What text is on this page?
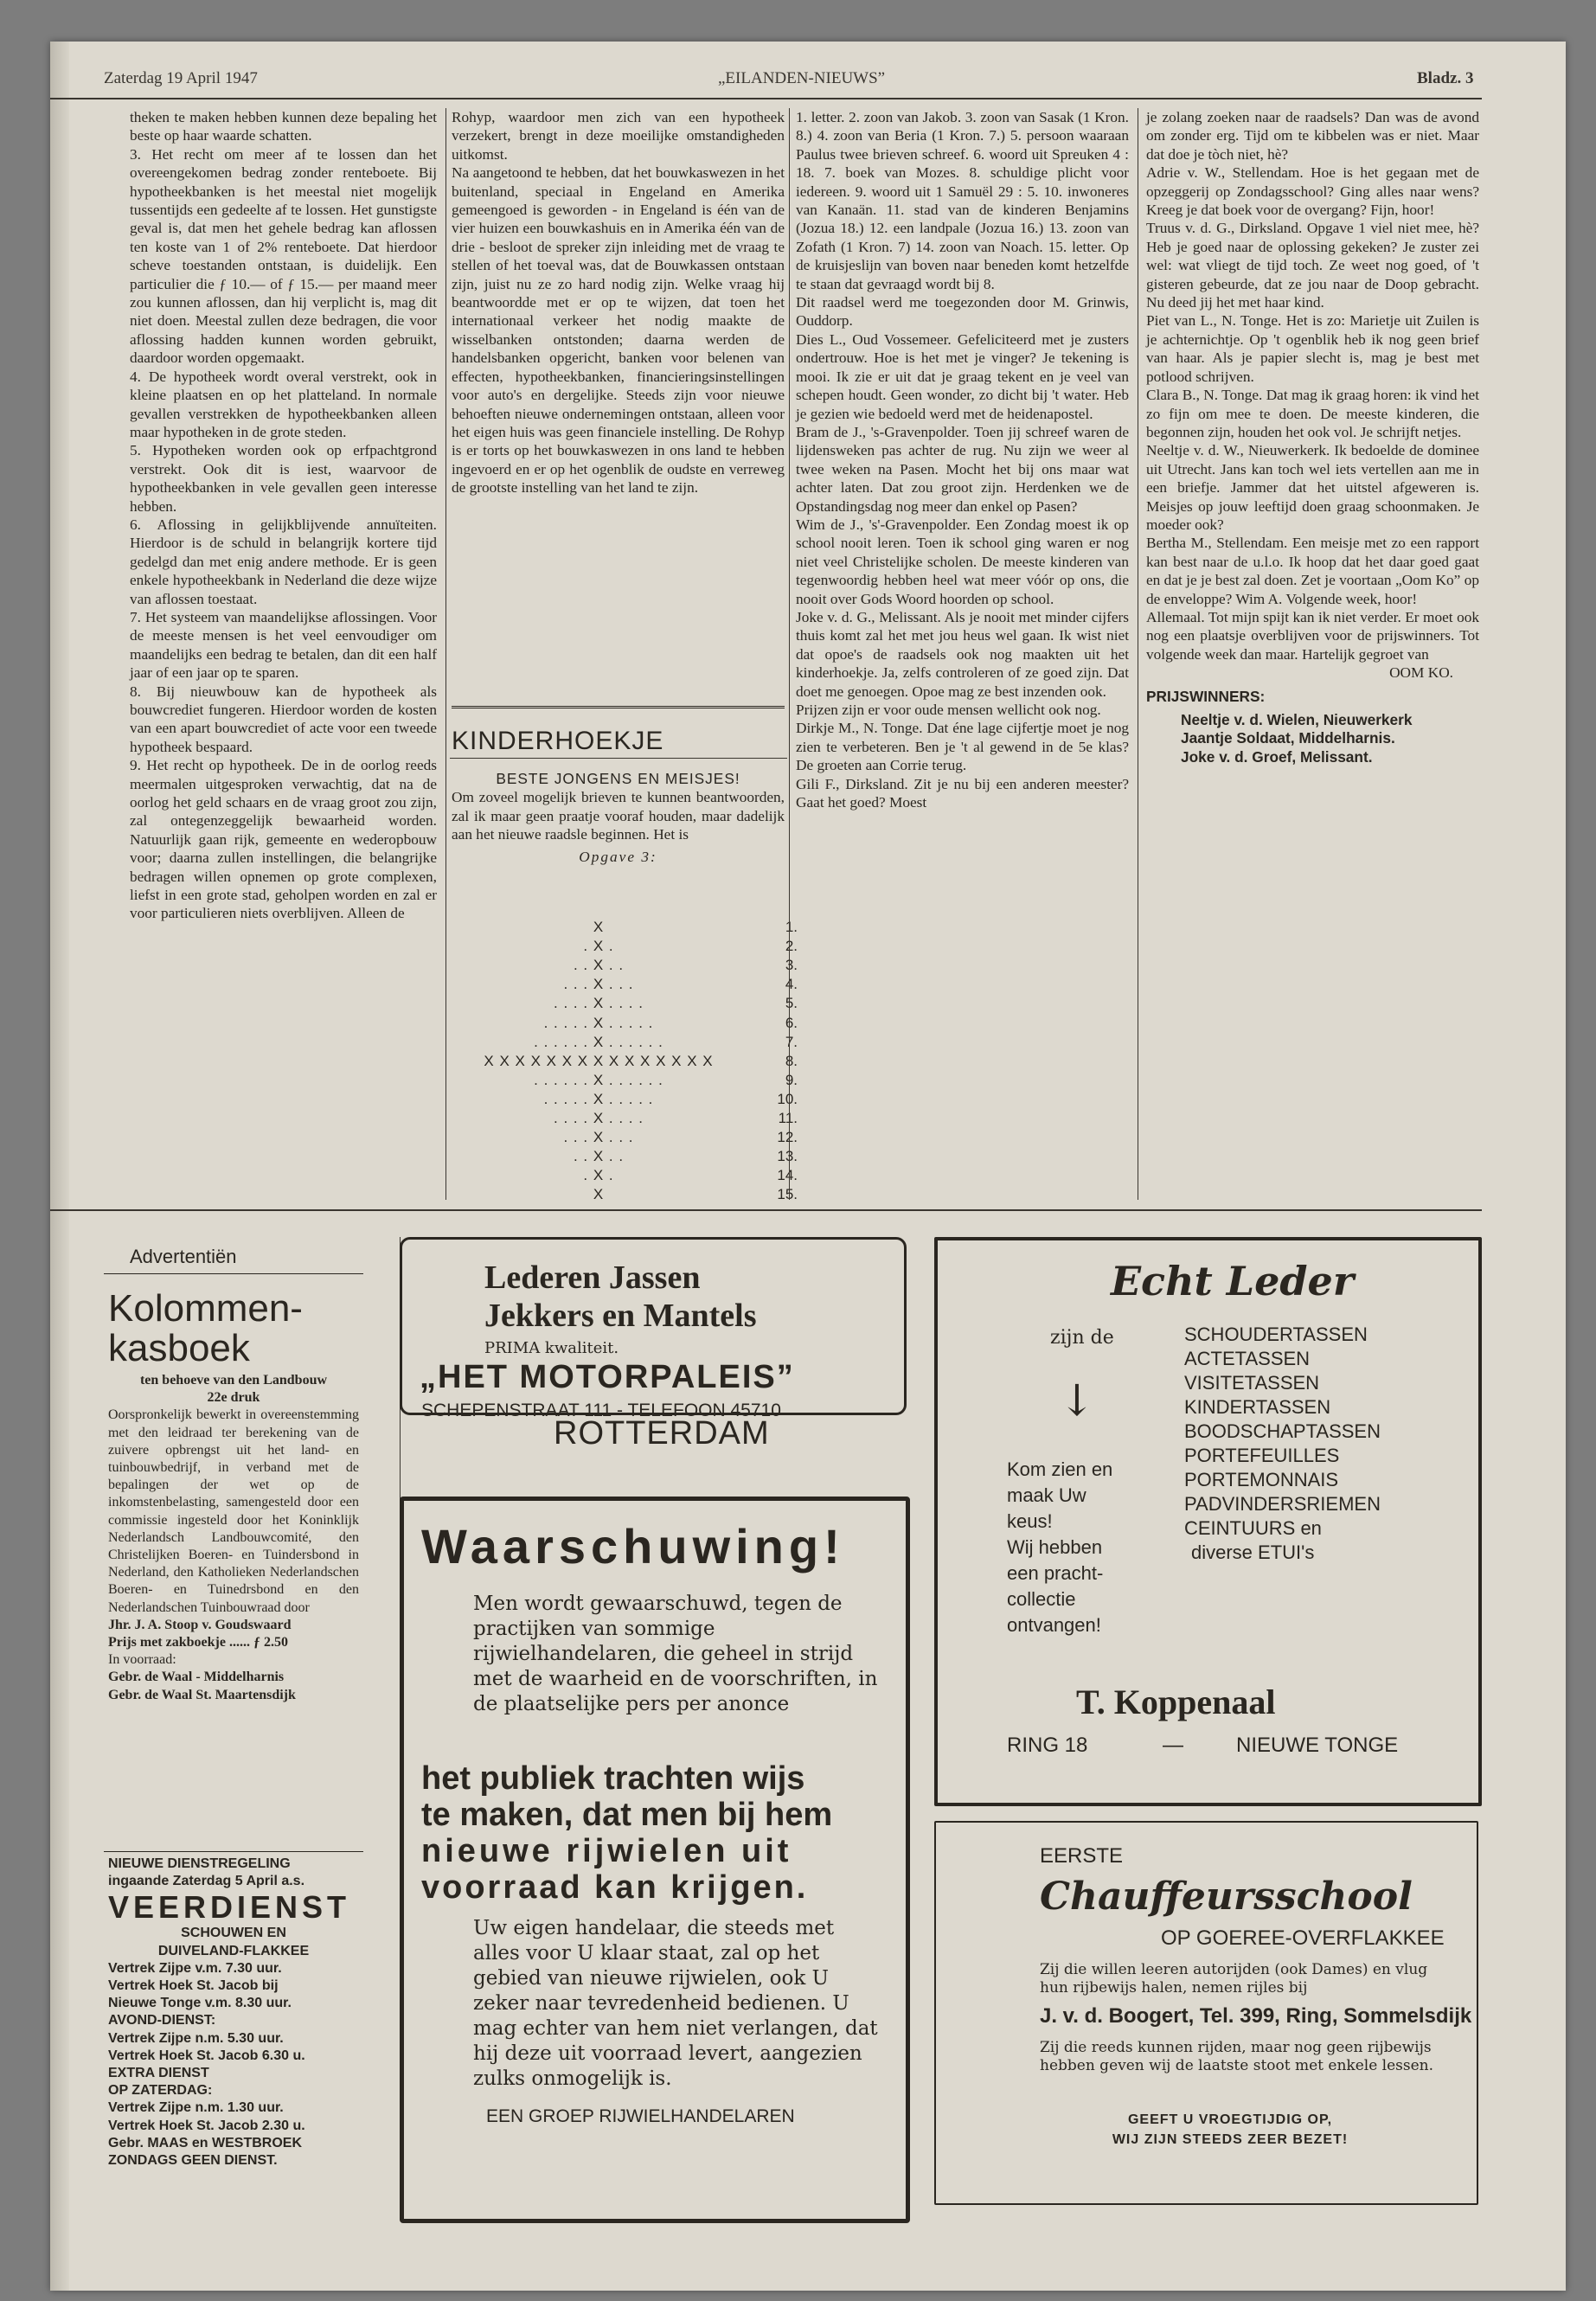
Zaterdag 19 April 1947	„EILANDEN-NIEUWS”	Bladz. 3

theken te maken hebben kunnen deze bepaling het beste op haar waarde schatten.

3. Het recht om meer af te lossen dan het overeengekomen bedrag zonder renteboete. Bij hypotheekbanken is het meestal niet mogelijk tussentijds een gedeelte af te lossen. Het gunstigste geval is, dat men het gehele bedrag kan aflossen ten koste van 1 of 2% renteboete. Dat hierdoor scheve toestanden ontstaan, is duidelijk. Een particulier die ƒ 10.— of ƒ 15.— per maand meer zou kunnen aflossen, dan hij verplicht is, mag dit niet doen. Meestal zullen deze bedragen, die voor aflossing hadden kunnen worden gebruikt, daardoor worden opgemaakt.

4. De hypotheek wordt overal verstrekt, ook in kleine plaatsen en op het platteland. In normale gevallen verstrekken de hypotheekbanken alleen maar hypotheken in de grote steden.

5. Hypotheken worden ook op erfpachtgrond verstrekt. Ook dit is iest, waarvoor de hypotheekbanken in vele gevallen geen interesse hebben.

6. Aflossing in gelijkblijvende annuïteiten. Hierdoor is de schuld in belangrijk kortere tijd gedelgd dan met enig andere methode. Er is geen enkele hypotheekbank in Nederland die deze wijze van aflossen toestaat.

7. Het systeem van maandelijkse aflossingen. Voor de meeste mensen is het veel eenvoudiger om maandelijks een bedrag te betalen, dan dit een half jaar of een jaar op te sparen.

8. Bij nieuwbouw kan de hypotheek als bouwcrediet fungeren. Hierdoor worden de kosten van een apart bouwcrediet of acte voor een tweede hypotheek bespaard.

9. Het recht op hypotheek. De in de oorlog reeds meermalen uitgesproken verwachtig, dat na de oorlog het geld schaars en de vraag groot zou zijn, zal ontegenzeggelijk bewaarheid worden. Natuurlijk gaan rijk, gemeente en wederopbouw voor; daarna zullen instellingen, die belangrijke bedragen willen opnemen op grote complexen, liefst in een grote stad, geholpen worden en zal er voor particulieren niets overblijven. Alleen de

Rohyp, waardoor men zich van een hypotheek verzekert, brengt in deze moeilijke omstandigheden uitkomst.

Na aangetoond te hebben, dat het bouwkaswezen in het buitenland, speciaal in Engeland en Amerika gemeengoed is geworden - in Engeland is één van de vier huizen een bouwkashuis en in Amerika één van de drie - besloot de spreker zijn inleiding met de vraag te stellen of het toeval was, dat de Bouwkassen ontstaan zijn, juist nu ze zo hard nodig zijn. Welke vraag hij beantwoordde met er op te wijzen, dat toen het internationaal verkeer het nodig maakte de wisselbanken ontstonden; daarna werden de handelsbanken opgericht, banken voor belenen van effecten, hypotheekbanken, financieringsinstellingen voor auto's en dergelijke. Steeds zijn voor nieuwe behoeften nieuwe ondernemingen ontstaan, alleen voor het eigen huis was geen financiele instelling. De Rohyp is er torts op het bouwkaswezen in ons land te hebben ingevoerd en er op het ogenblik de oudste en verreweg de grootste instelling van het land te zijn.

KINDERHOEKJE

BESTE JONGENS EN MEISJES!

Om zoveel mogelijk brieven te kunnen beantwoorden, zal ik maar geen praatje vooraf houden, maar dadelijk aan het nieuwe raadsle beginnen. Het is

Opgave 3:

X	1.
. X .	2.
. . X . .	3.
. . . X . . .	4.
. . . . X . . . .	5.
. . . . . X . . . . .	6.
. . . . . . X . . . . . .	7.
X X X X X X X X X X X X X X X	8.
. . . . . . X . . . . . .	9.
. . . . . X . . . . .	10.
. . . . X . . . .	11.
. . . X . . .	12.
. . X . .	13.
. X .	14.
X	15.

1. letter. 2. zoon van Jakob. 3. zoon van Sasak (1 Kron. 8.) 4. zoon van Beria (1 Kron. 7.) 5. persoon waaraan Paulus twee brieven schreef. 6. woord uit Spreuken 4 : 18. 7. boek van Mozes. 8. schuldige plicht voor iedereen. 9. woord uit 1 Samuël 29 : 5. 10. inwoneres van Kanaän. 11. stad van de kinderen Benjamins (Jozua 18.) 12. een landpale (Jozua 16.) 13. zoon van Zofath (1 Kron. 7) 14. zoon van Noach. 15. letter. Op de kruisjeslijn van boven naar beneden komt hetzelfde te staan dat gevraagd wordt bij 8.

Dit raadsel werd me toegezonden door M. Grinwis, Ouddorp.

Dies L., Oud Vossemeer. Gefeliciteerd met je zusters ondertrouw. Hoe is het met je vinger? Je tekening is mooi. Ik zie er uit dat je graag tekent en je veel van schepen houdt. Geen wonder, zo dicht bij 't water. Heb je gezien wie bedoeld werd met de heidenapostel.

Bram de J., 's-Gravenpolder. Toen jij schreef waren de lijdensweken pas achter de rug. Nu zijn we weer al twee weken na Pasen. Mocht het bij ons maar wat achter laten. Dat zou groot zijn. Herdenken we de Opstandingsdag nog meer dan enkel op Pasen?

Wim de J., 's'-Gravenpolder. Een Zondag moest ik op school nooit leren. Toen ik school ging waren er nog niet veel Christelijke scholen. De meeste kinderen van tegenwoordig hebben heel wat meer vóór op ons, die nooit over Gods Woord hoorden op school.

Joke v. d. G., Melissant. Als je nooit met minder cijfers thuis komt zal het met jou heus wel gaan. Ik wist niet dat opoe's de raadsels ook nog maakten uit het kinderhoekje. Ja, zelfs controleren of ze goed zijn. Dat doet me genoegen. Opoe mag ze best inzenden ook.

Prijzen zijn er voor oude mensen wellicht ook nog.

Dirkje M., N. Tonge. Dat éne lage cijfertje moet je nog zien te verbeteren. Ben je 't al gewend in de 5e klas? De groeten aan Corrie terug.

Gili F., Dirksland. Zit je nu bij een anderen meester? Gaat het goed? Moest

je zolang zoeken naar de raadsels? Dan was de avond om zonder erg. Tijd om te kibbelen was er niet. Maar dat doe je tòch niet, hè?

Adrie v. W., Stellendam. Hoe is het gegaan met de opzeggerij op Zondagsschool? Ging alles naar wens? Kreeg je dat boek voor de overgang? Fijn, hoor!

Truus v. d. G., Dirksland. Opgave 1 viel niet mee, hè? Heb je goed naar de oplossing gekeken? Je zuster zei wel: wat vliegt de tijd toch. Ze weet nog goed, of 't gisteren gebeurde, dat ze jou naar de Doop gebracht. Nu deed jij het met haar kind.

Piet van L., N. Tonge. Het is zo: Marietje uit Zuilen is je achternichtje. Op 't ogenblik heb ik nog geen brief van haar. Als je papier slecht is, mag je best met potlood schrijven.

Clara B., N. Tonge. Dat mag ik graag horen: ik vind het zo fijn om mee te doen. De meeste kinderen, die begonnen zijn, houden het ook vol. Je schrijft netjes.

Neeltje v. d. W., Nieuwerkerk. Ik bedoelde de dominee uit Utrecht. Jans kan toch wel iets vertellen aan me in een briefje. Jammer dat het uitstel afgeweren is. Meisjes op jouw leeftijd doen graag schoonmaken. Je moeder ook?

Bertha M., Stellendam. Een meisje met zo een rapport kan best naar de u.l.o. Ik hoop dat het daar goed gaat en dat je je best zal doen. Zet je voortaan „Oom Ko” op de enveloppe? Wim A. Volgende week, hoor!

Allemaal. Tot mijn spijt kan ik niet verder. Er moet ook nog een plaatsje overblijven voor de prijswinners. Tot volgende week dan maar. Hartelijk gegroet van

OOM KO.

PRIJSWINNERS:

Neeltje v. d. Wielen, Nieuwerkerk

Jaantje Soldaat, Middelharnis.

Joke v. d. Groef, Melissant.

Advertentiën
Kolommen-
kasboek

ten behoeve van den Landbouw

22e druk

Oorspronkelijk bewerkt in overeenstemming met den leidraad ter berekening van de zuivere opbrengst uit het land- en tuinbouwbedrijf, in verband met de bepalingen der wet op de inkomstenbelasting, samengesteld door een commissie ingesteld door het Koninklijk Nederlandsch Landbouwcomité, den Christelijken Boeren- en Tuindersbond in Nederland, den Katholieken Nederlandschen Boeren- en Tuinedrsbond en den Nederlandschen Tuinbouwraad door

Jhr. J. A. Stoop v. Goudswaard

Prijs met zakboekje ...... ƒ 2.50

In voorraad:

Gebr. de Waal - Middelharnis

Gebr. de Waal St. Maartensdijk

NIEUWE DIENSTREGELING

ingaande Zaterdag 5 April a.s.

VEERDIENST

SCHOUWEN EN

DUIVELAND-FLAKKEE

Vertrek Zijpe v.m. 7.30 uur.

Vertrek Hoek St. Jacob bij

Nieuwe Tonge v.m. 8.30 uur.

AVOND-DIENST:

Vertrek Zijpe n.m. 5.30 uur.

Vertrek Hoek St. Jacob 6.30 u.

EXTRA DIENST

OP ZATERDAG:

Vertrek Zijpe n.m. 1.30 uur.

Vertrek Hoek St. Jacob 2.30 u.

Gebr. MAAS en WESTBROEK

ZONDAGS GEEN DIENST.

Lederen Jassen
Jekkers en Mantels
PRIMA kwaliteit.
„HET MOTORPALEIS”
SCHEPENSTRAAT 111 - TELEFOON 45710
ROTTERDAM
Waarschuwing!
Men wordt gewaarschuwd, tegen de practijken van sommige rijwielhandelaren, die geheel in strijd met de waarheid en de voorschriften, in de plaatselijke pers per anonce
het publiek trachten wijs
te maken, dat men bij hem
nieuwe rijwielen uit
voorraad kan krijgen.
Uw eigen handelaar, die steeds met alles voor U klaar staat, zal op het gebied van nieuwe rijwielen, ook U zeker naar tevredenheid bedienen. U mag echter van hem niet verlangen, dat hij deze uit voorraad levert, aangezien zulks onmogelijk is.
EEN GROEP RIJWIELHANDELAREN
Echt Leder
zijn de
↓
Kom zien en
maak Uw
keus!
Wij hebben
een pracht-
collectie
ontvangen!
SCHOUDERTASSEN
ACTETASSEN
VISITETASSEN
KINDERTASSEN
BOODSCHAPTASSEN
PORTEFEUILLES
PORTEMONNAIS
PADVINDERSRIEMEN
CEINTUURS en
diverse ETUI's
T. Koppenaal
RING 18	—	NIEUWE TONGE
EERSTE
Chauffeursschool
OP GOEREE-OVERFLAKKEE
Zij die willen leeren autorijden (ook Dames) en vlug hun rijbewijs halen, nemen rijles bij
J. v. d. Boogert, Tel. 399, Ring, Sommelsdijk
Zij die reeds kunnen rijden, maar nog geen rijbewijs hebben geven wij de laatste stoot met enkele lessen.
GEEFT U VROEGTIJDIG OP,
WIJ ZIJN STEEDS ZEER BEZET!
